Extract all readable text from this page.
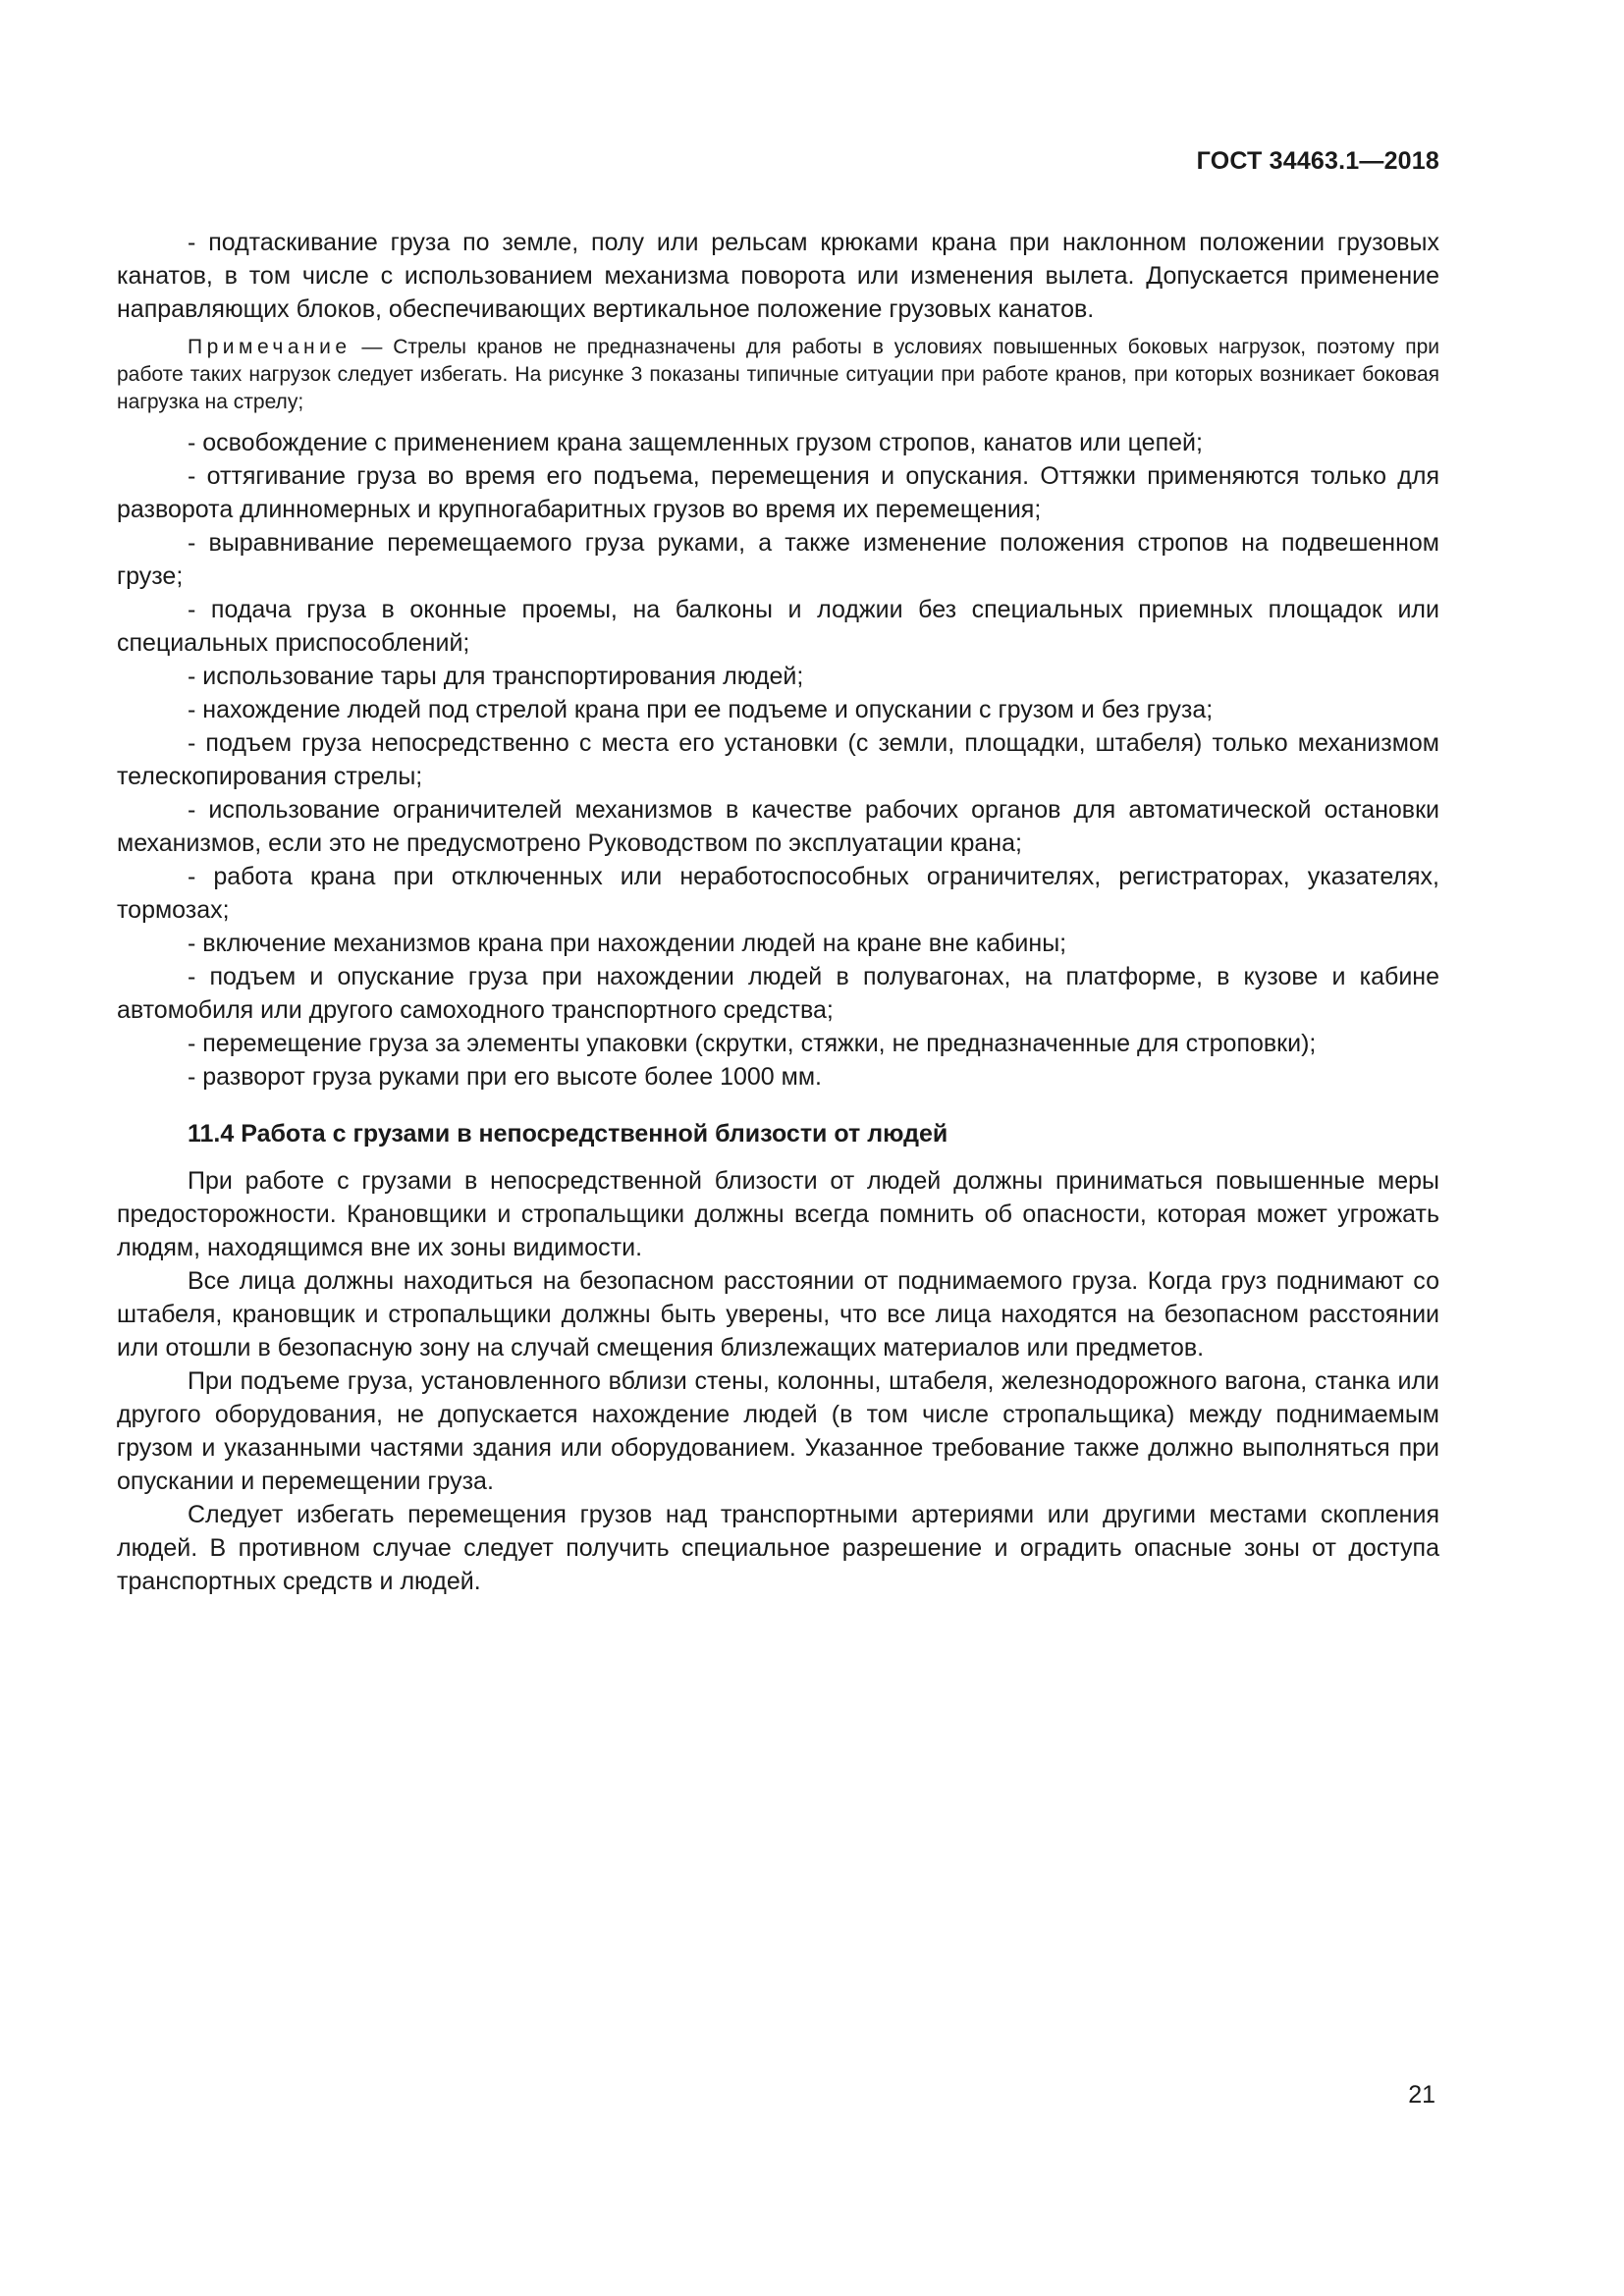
ГОСТ 34463.1—2018

- подтаскивание груза по земле, полу или рельсам крюками крана при наклонном положении грузовых канатов, в том числе с использованием механизма поворота или изменения вылета. Допускается применение направляющих блоков, обеспечивающих вертикальное положение грузовых канатов.

Примечание — Стрелы кранов не предназначены для работы в условиях повышенных боковых нагрузок, поэтому при работе таких нагрузок следует избегать. На рисунке 3 показаны типичные ситуации при работе кранов, при которых возникает боковая нагрузка на стрелу;

- освобождение с применением крана защемленных грузом стропов, канатов или цепей;

- оттягивание груза во время его подъема, перемещения и опускания. Оттяжки применяются только для разворота длинномерных и крупногабаритных грузов во время их перемещения;

- выравнивание перемещаемого груза руками, а также изменение положения стропов на подвешенном грузе;

- подача груза в оконные проемы, на балконы и лоджии без специальных приемных площадок или специальных приспособлений;

- использование тары для транспортирования людей;

- нахождение людей под стрелой крана при ее подъеме и опускании с грузом и без груза;

- подъем груза непосредственно с места его установки (с земли, площадки, штабеля) только механизмом телескопирования стрелы;

- использование ограничителей механизмов в качестве рабочих органов для автоматической остановки механизмов, если это не предусмотрено Руководством по эксплуатации крана;

- работа крана при отключенных или неработоспособных ограничителях, регистраторах, указателях, тормозах;

- включение механизмов крана при нахождении людей на кране вне кабины;

- подъем и опускание груза при нахождении людей в полувагонах, на платформе, в кузове и кабине автомобиля или другого самоходного транспортного средства;

- перемещение груза за элементы упаковки (скрутки, стяжки, не предназначенные для строповки);

- разворот груза руками при его высоте более 1000 мм.

11.4 Работа с грузами в непосредственной близости от людей

При работе с грузами в непосредственной близости от людей должны приниматься повышенные меры предосторожности. Крановщики и стропальщики должны всегда помнить об опасности, которая может угрожать людям, находящимся вне их зоны видимости.

Все лица должны находиться на безопасном расстоянии от поднимаемого груза. Когда груз поднимают со штабеля, крановщик и стропальщики должны быть уверены, что все лица находятся на безопасном расстоянии или отошли в безопасную зону на случай смещения близлежащих материалов или предметов.

При подъеме груза, установленного вблизи стены, колонны, штабеля, железнодорожного вагона, станка или другого оборудования, не допускается нахождение людей (в том числе стропальщика) между поднимаемым грузом и указанными частями здания или оборудованием. Указанное требование также должно выполняться при опускании и перемещении груза.

Следует избегать перемещения грузов над транспортными артериями или другими местами скопления людей. В противном случае следует получить специальное разрешение и оградить опасные зоны от доступа транспортных средств и людей.

21
